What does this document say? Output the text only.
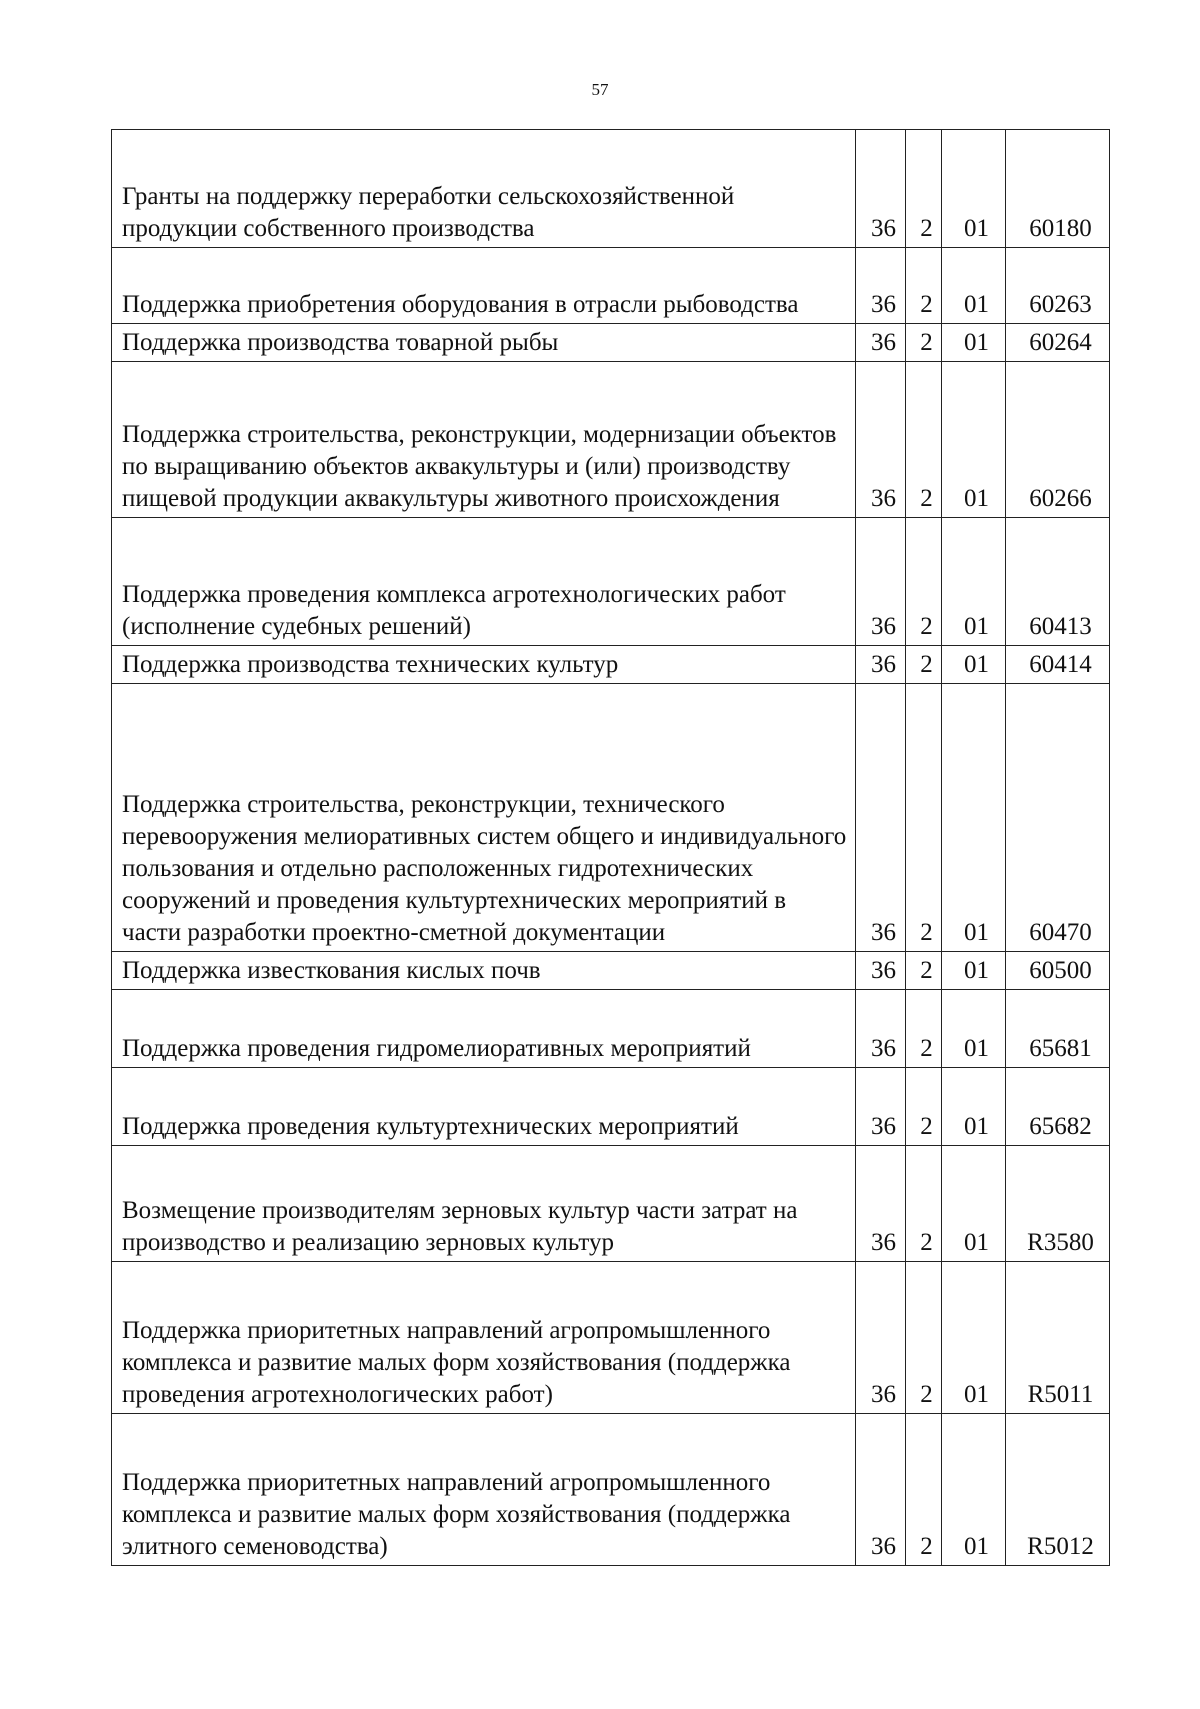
57
Гранты на поддержку переработки сельскохозяйственной продукции собственного производства	36	2	01	60180
Поддержка приобретения оборудования в отрасли рыбоводства	36	2	01	60263
Поддержка производства товарной рыбы	36	2	01	60264
Поддержка строительства, реконструкции, модернизации объектов по выращиванию объектов аквакультуры и (или) производству пищевой продукции аквакультуры животного происхождения	36	2	01	60266
Поддержка проведения комплекса агротехнологических работ (исполнение судебных решений)	36	2	01	60413
Поддержка производства технических культур	36	2	01	60414
Поддержка строительства, реконструкции, технического перевооружения мелиоративных систем общего и индивидуального пользования и отдельно расположенных гидротехнических сооружений и проведения культуртехнических мероприятий в части разработки проектно-сметной документации	36	2	01	60470
Поддержка известкования кислых почв	36	2	01	60500
Поддержка проведения гидромелиоративных мероприятий	36	2	01	65681
Поддержка проведения культуртехнических мероприятий	36	2	01	65682
Возмещение производителям зерновых культур части затрат на производство и реализацию зерновых культур	36	2	01	R3580
Поддержка приоритетных направлений агропромышленного комплекса и развитие малых форм хозяйствования (поддержка проведения агротехнологических работ)	36	2	01	R5011
Поддержка приоритетных направлений агропромышленного комплекса и развитие малых форм хозяйствования (поддержка элитного семеноводства)	36	2	01	R5012
